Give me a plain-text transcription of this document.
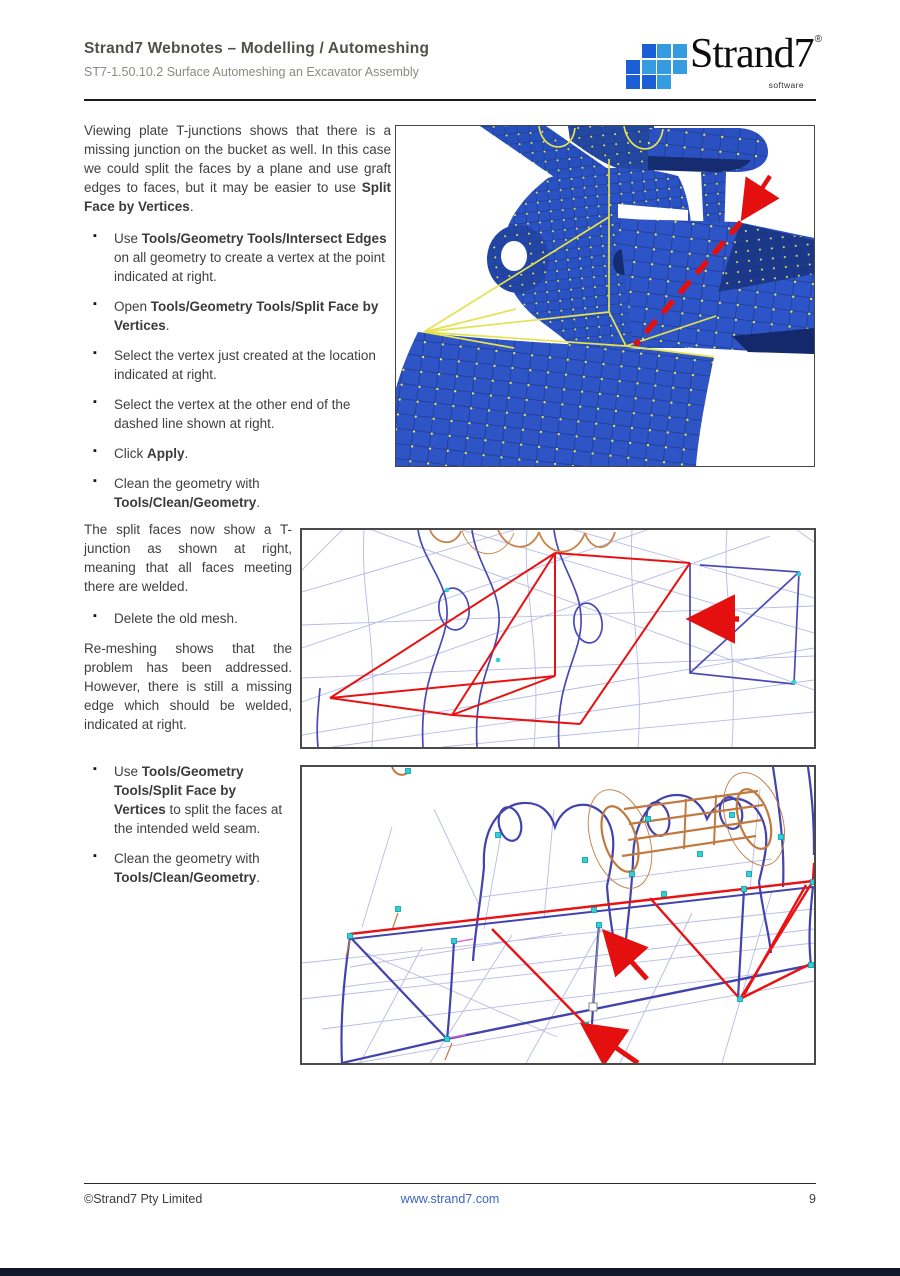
Strand7 Webnotes – Modelling / Automeshing
ST7-1.50.10.2 Surface Automeshing an Excavator Assembly	Strand7 ®
software

Viewing plate T-junctions shows that there is a missing junction on the bucket as well. In this case we could split the faces by a plane and use graft edges to faces, but it may be easier to use Split Face by Vertices.

▪ Use Tools/Geometry Tools/Intersect Edges on all geometry to create a vertex at the point indicated at right.
▪ Open Tools/Geometry Tools/Split Face by Vertices.
▪ Select the vertex just created at the location indicated at right.
▪ Select the vertex at the other end of the dashed line shown at right.
▪ Click Apply.
▪ Clean the geometry with Tools/Clean/Geometry.

The split faces now show a T-junction as shown at right, meaning that all faces meeting there are welded.

▪ Delete the old mesh.

Re-meshing shows that the problem has been addressed. However, there is still a missing edge which should be welded, indicated at right.

▪ Use Tools/Geometry Tools/Split Face by Vertices to split the faces at the intended weld seam.
▪ Clean the geometry with Tools/Clean/Geometry.
©Strand7 Pty Limited	www.strand7.com	9
